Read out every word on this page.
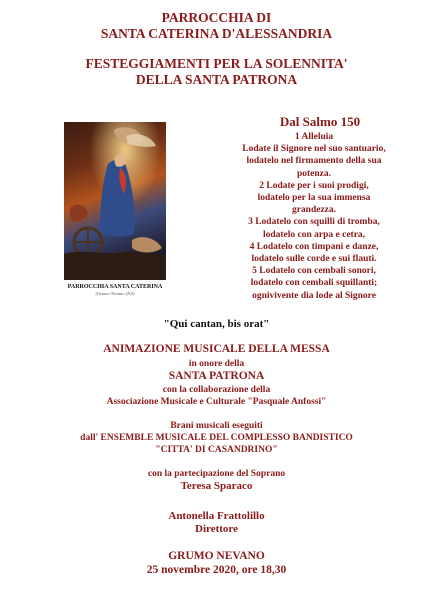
PARROCCHIA DI
SANTA CATERINA D'ALESSANDRIA
FESTEGGIAMENTI PER LA SOLENNITA'
DELLA SANTA PATRONA
PARROCCHIA SANTA CATERINA
(Grumo Nevano (NA)
Dal Salmo 150
1 Alleluia
Lodate il Signore nel suo santuario,
lodatelo nel firmamento della sua
potenza.
2 Lodate per i suoi prodigi,
lodatelo per la sua immensa
grandezza.
3 Lodatelo con squilli di tromba,
lodatelo con arpa e cetra,
4 Lodatelo con timpani e danze,
lodatelo sulle corde e sui flauti.
5 Lodatelo con cembali sonori,
lodatelo con cembali squillanti;
ognivivente dia lode al Signore
"Qui cantan, bis orat"
ANIMAZIONE MUSICALE DELLA MESSA
in onore della
SANTA PATRONA
con la collaborazione della
Associazione Musicale e Culturale "Pasquale Anfossi"
Brani musicali eseguiti
dall' ENSEMBLE MUSICALE DEL COMPLESSO BANDISTICO
"CITTA' DI CASANDRINO"
con la partecipazione del Soprano
Teresa Sparaco
Antonella Frattolillo
Direttore
GRUMO NEVANO
25 novembre 2020, ore 18,30
